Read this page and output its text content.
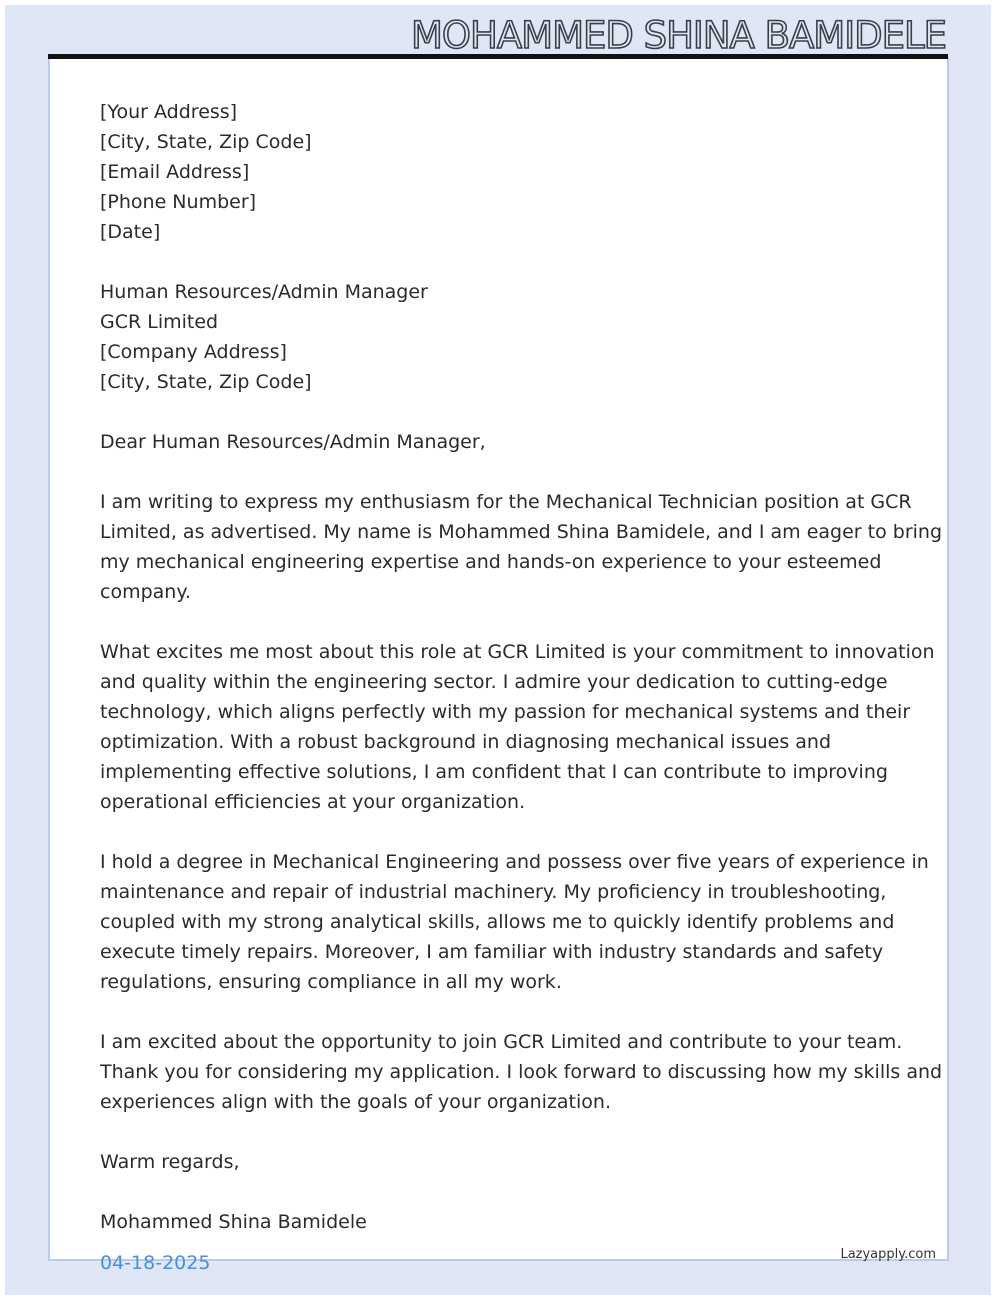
MOHAMMED SHINA BAMIDELE
[Your Address]
[City, State, Zip Code]
[Email Address]
[Phone Number]
[Date]
Human Resources/Admin Manager
GCR Limited
[Company Address]
[City, State, Zip Code]
Dear Human Resources/Admin Manager,
I am writing to express my enthusiasm for the Mechanical Technician position at GCR
Limited, as advertised. My name is Mohammed Shina Bamidele, and I am eager to bring
my mechanical engineering expertise and hands-on experience to your esteemed
company.
What excites me most about this role at GCR Limited is your commitment to innovation
and quality within the engineering sector. I admire your dedication to cutting-edge
technology, which aligns perfectly with my passion for mechanical systems and their
optimization. With a robust background in diagnosing mechanical issues and
implementing effective solutions, I am confident that I can contribute to improving
operational efficiencies at your organization.
I hold a degree in Mechanical Engineering and possess over five years of experience in
maintenance and repair of industrial machinery. My proficiency in troubleshooting,
coupled with my strong analytical skills, allows me to quickly identify problems and
execute timely repairs. Moreover, I am familiar with industry standards and safety
regulations, ensuring compliance in all my work.
I am excited about the opportunity to join GCR Limited and contribute to your team.
Thank you for considering my application. I look forward to discussing how my skills and
experiences align with the goals of your organization.
Warm regards,
Mohammed Shina Bamidele
04-18-2025	Lazyapply.com
